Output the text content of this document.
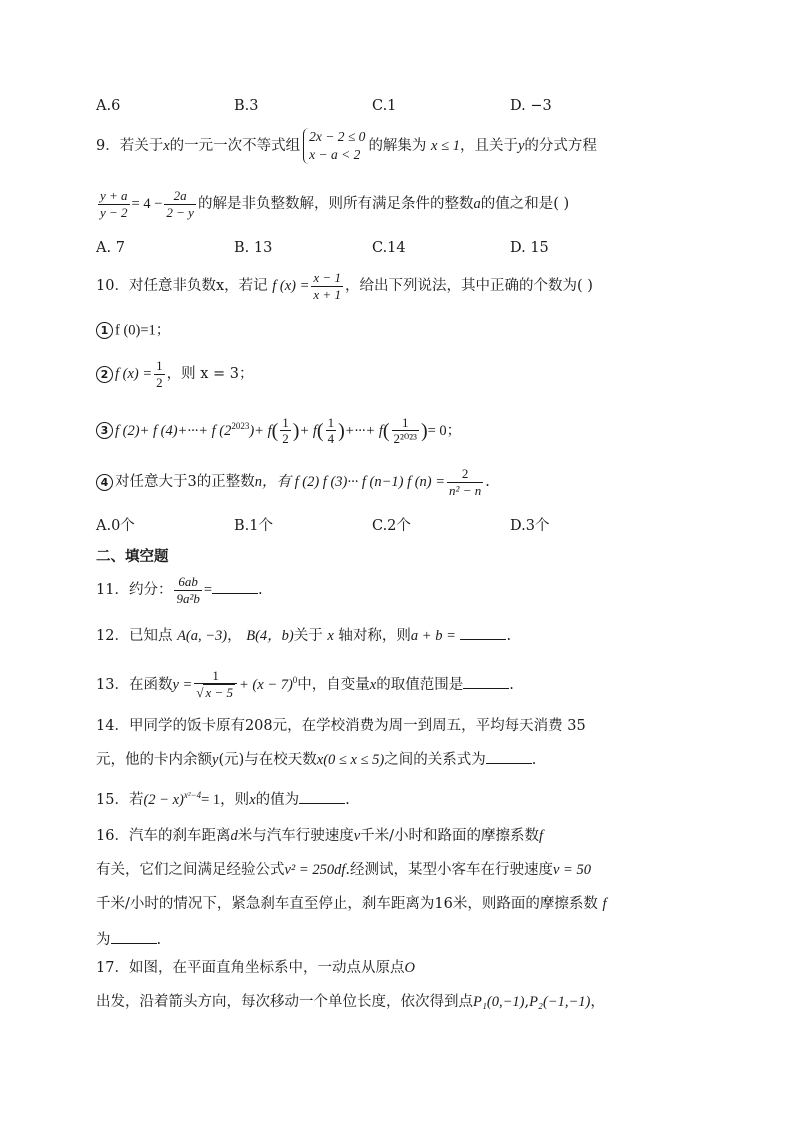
A.6	B.3	C.1	D. −3
9．若关于x的一元一次不等式组
2x − 2 ≤ 0
x − a < 2
的解集为 x ≤ 1，且关于y的分式方程
$\frac{y + a}{y - 2} = 4 - \frac{2a}{2 - y}$ 的解是非负整数解，则所有满足条件的整数a的值之和是( )
A. 7	B. 13	C.14	D. 15
10．对任意非负数x，若记 f $(x) = \frac{x - 1}{x + 1}$ ，给出下列说法，其中正确的个数为( )
1 f (0)=1；
2 f $(x) = \frac{1}{2}$ ，则 x = 3；
3 f (2)+ f (4)+···+ f $(2^{2023})+ f( \frac{1}{2}$ )+ $f( \frac{1}{4}$ )+···+ $f( \frac{1}{\text{2²⁰²³}}$ )= 0；
4 对任意大于3的正整数n，有 f (2) f (3)··· f (n−1) f $(n) = \frac{2}{\text{n² − n}}$ .
A.0个	B.1个	C.2个	D.3个
二、填空题
11．约分： $\frac{6ab}{\text{9a²b}}$ =	.
12．已知点 A(a, −3)， B(4，b)关于 x 轴对称，则a + b =	.
13．在函数$y = \frac{1}{√ x - 5} + (x - 7)^0$中，自变量x的取值范围是	.
14．甲同学的饭卡原有208元，在学校消费为周一到周五，平均每天消费 35
元，他的卡内余额y(元)与在校天数x(0 ≤ x ≤ 5)之间的关系式为	.
15．若$(2 - x)^{x^2-4}= 1$，则x的值为	.
16．汽车的刹车距离d米与汽车行驶速度v千米/小时和路面的摩擦系数f
有关，它们之间满足经验公式v² = 250df.经测试，某型小客车在行驶速度v = 50
千米/小时的情况下，紧急刹车直至停止，刹车距离为16米，则路面的摩擦系数 f
为	.
17．如图，在平面直角坐标系中，一动点从原点O
出发，沿着箭头方向，每次移动一个单位长度，依次得到点P₁(0,−1),P₂(−1,−1)，
